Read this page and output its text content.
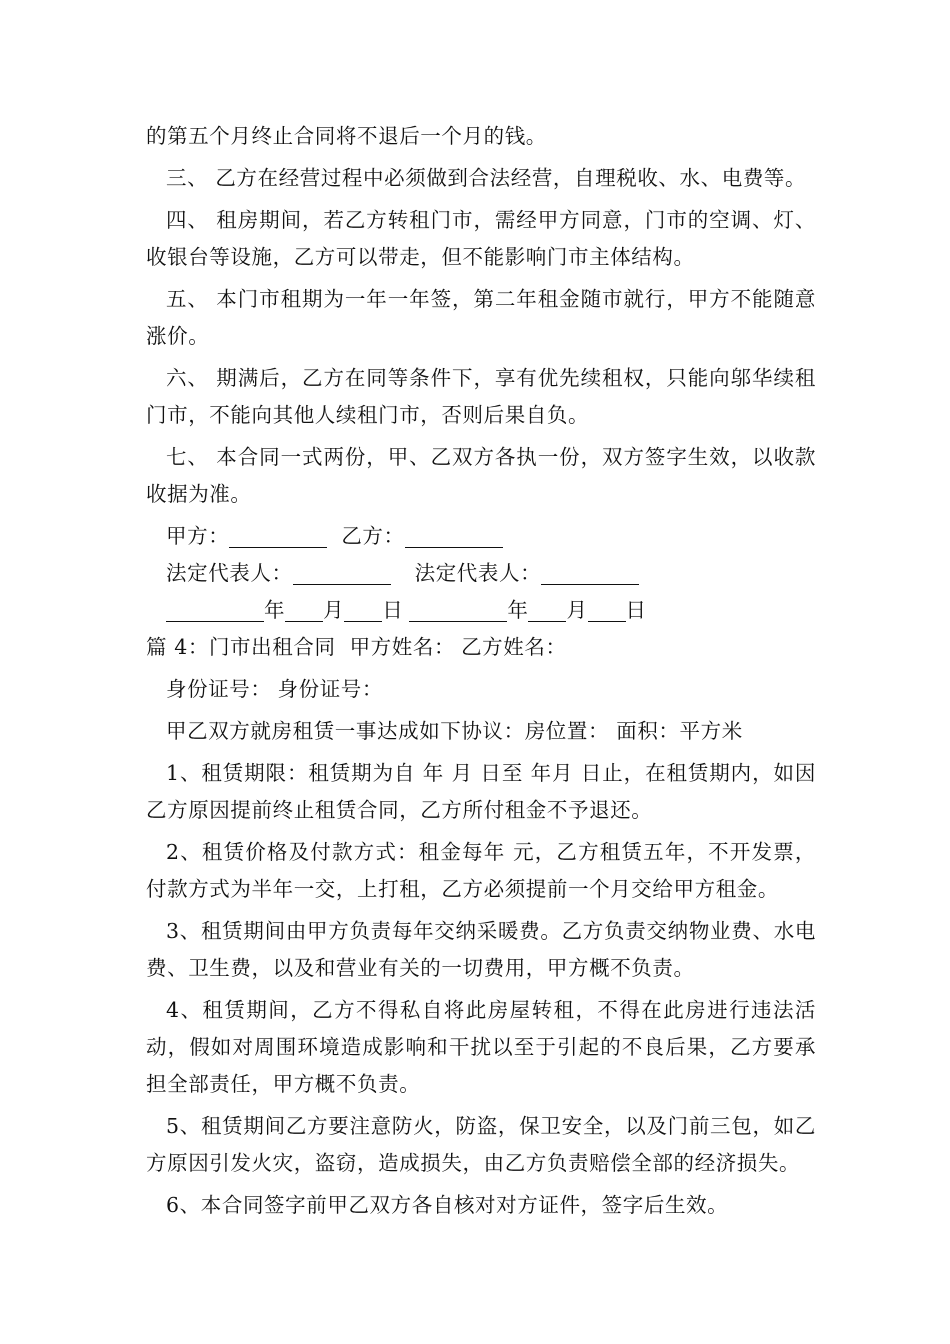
的第五个月终止合同将不退后一个月的钱。

三、 乙方在经营过程中必须做到合法经营，自理税收、水、电费等。

四、 租房期间，若乙方转租门市，需经甲方同意，门市的空调、灯、收银台等设施，乙方可以带走，但不能影响门市主体结构。

五、 本门市租期为一年一年签，第二年租金随市就行，甲方不能随意涨价。

六、 期满后，乙方在同等条件下，享有优先续租权，只能向邬华续租门市，不能向其他人续租门市，否则后果自负。

七、 本合同一式两份，甲、乙双方各执一份，双方签字生效，以收款收据为准。

甲方：	乙方：

法定代表人：	法定代表人：

年 月 日	年 月 日

篇 4：门市出租合同 甲方姓名： 乙方姓名：

身份证号： 身份证号：

甲乙双方就房租赁一事达成如下协议：房位置： 面积：平方米

1、租赁期限：租赁期为自 年 月 日至 年月 日止，在租赁期内，如因乙方原因提前终止租赁合同，乙方所付租金不予退还。

2、租赁价格及付款方式：租金每年 元，乙方租赁五年，不开发票，付款方式为半年一交，上打租，乙方必须提前一个月交给甲方租金。

3、租赁期间由甲方负责每年交纳采暖费。乙方负责交纳物业费、水电费、卫生费，以及和营业有关的一切费用，甲方概不负责。

4、租赁期间，乙方不得私自将此房屋转租，不得在此房进行违法活动，假如对周围环境造成影响和干扰以至于引起的不良后果，乙方要承担全部责任，甲方概不负责。

5、租赁期间乙方要注意防火，防盗，保卫安全，以及门前三包，如乙方原因引发火灾，盗窃，造成损失，由乙方负责赔偿全部的经济损失。

6、本合同签字前甲乙双方各自核对对方证件，签字后生效。
